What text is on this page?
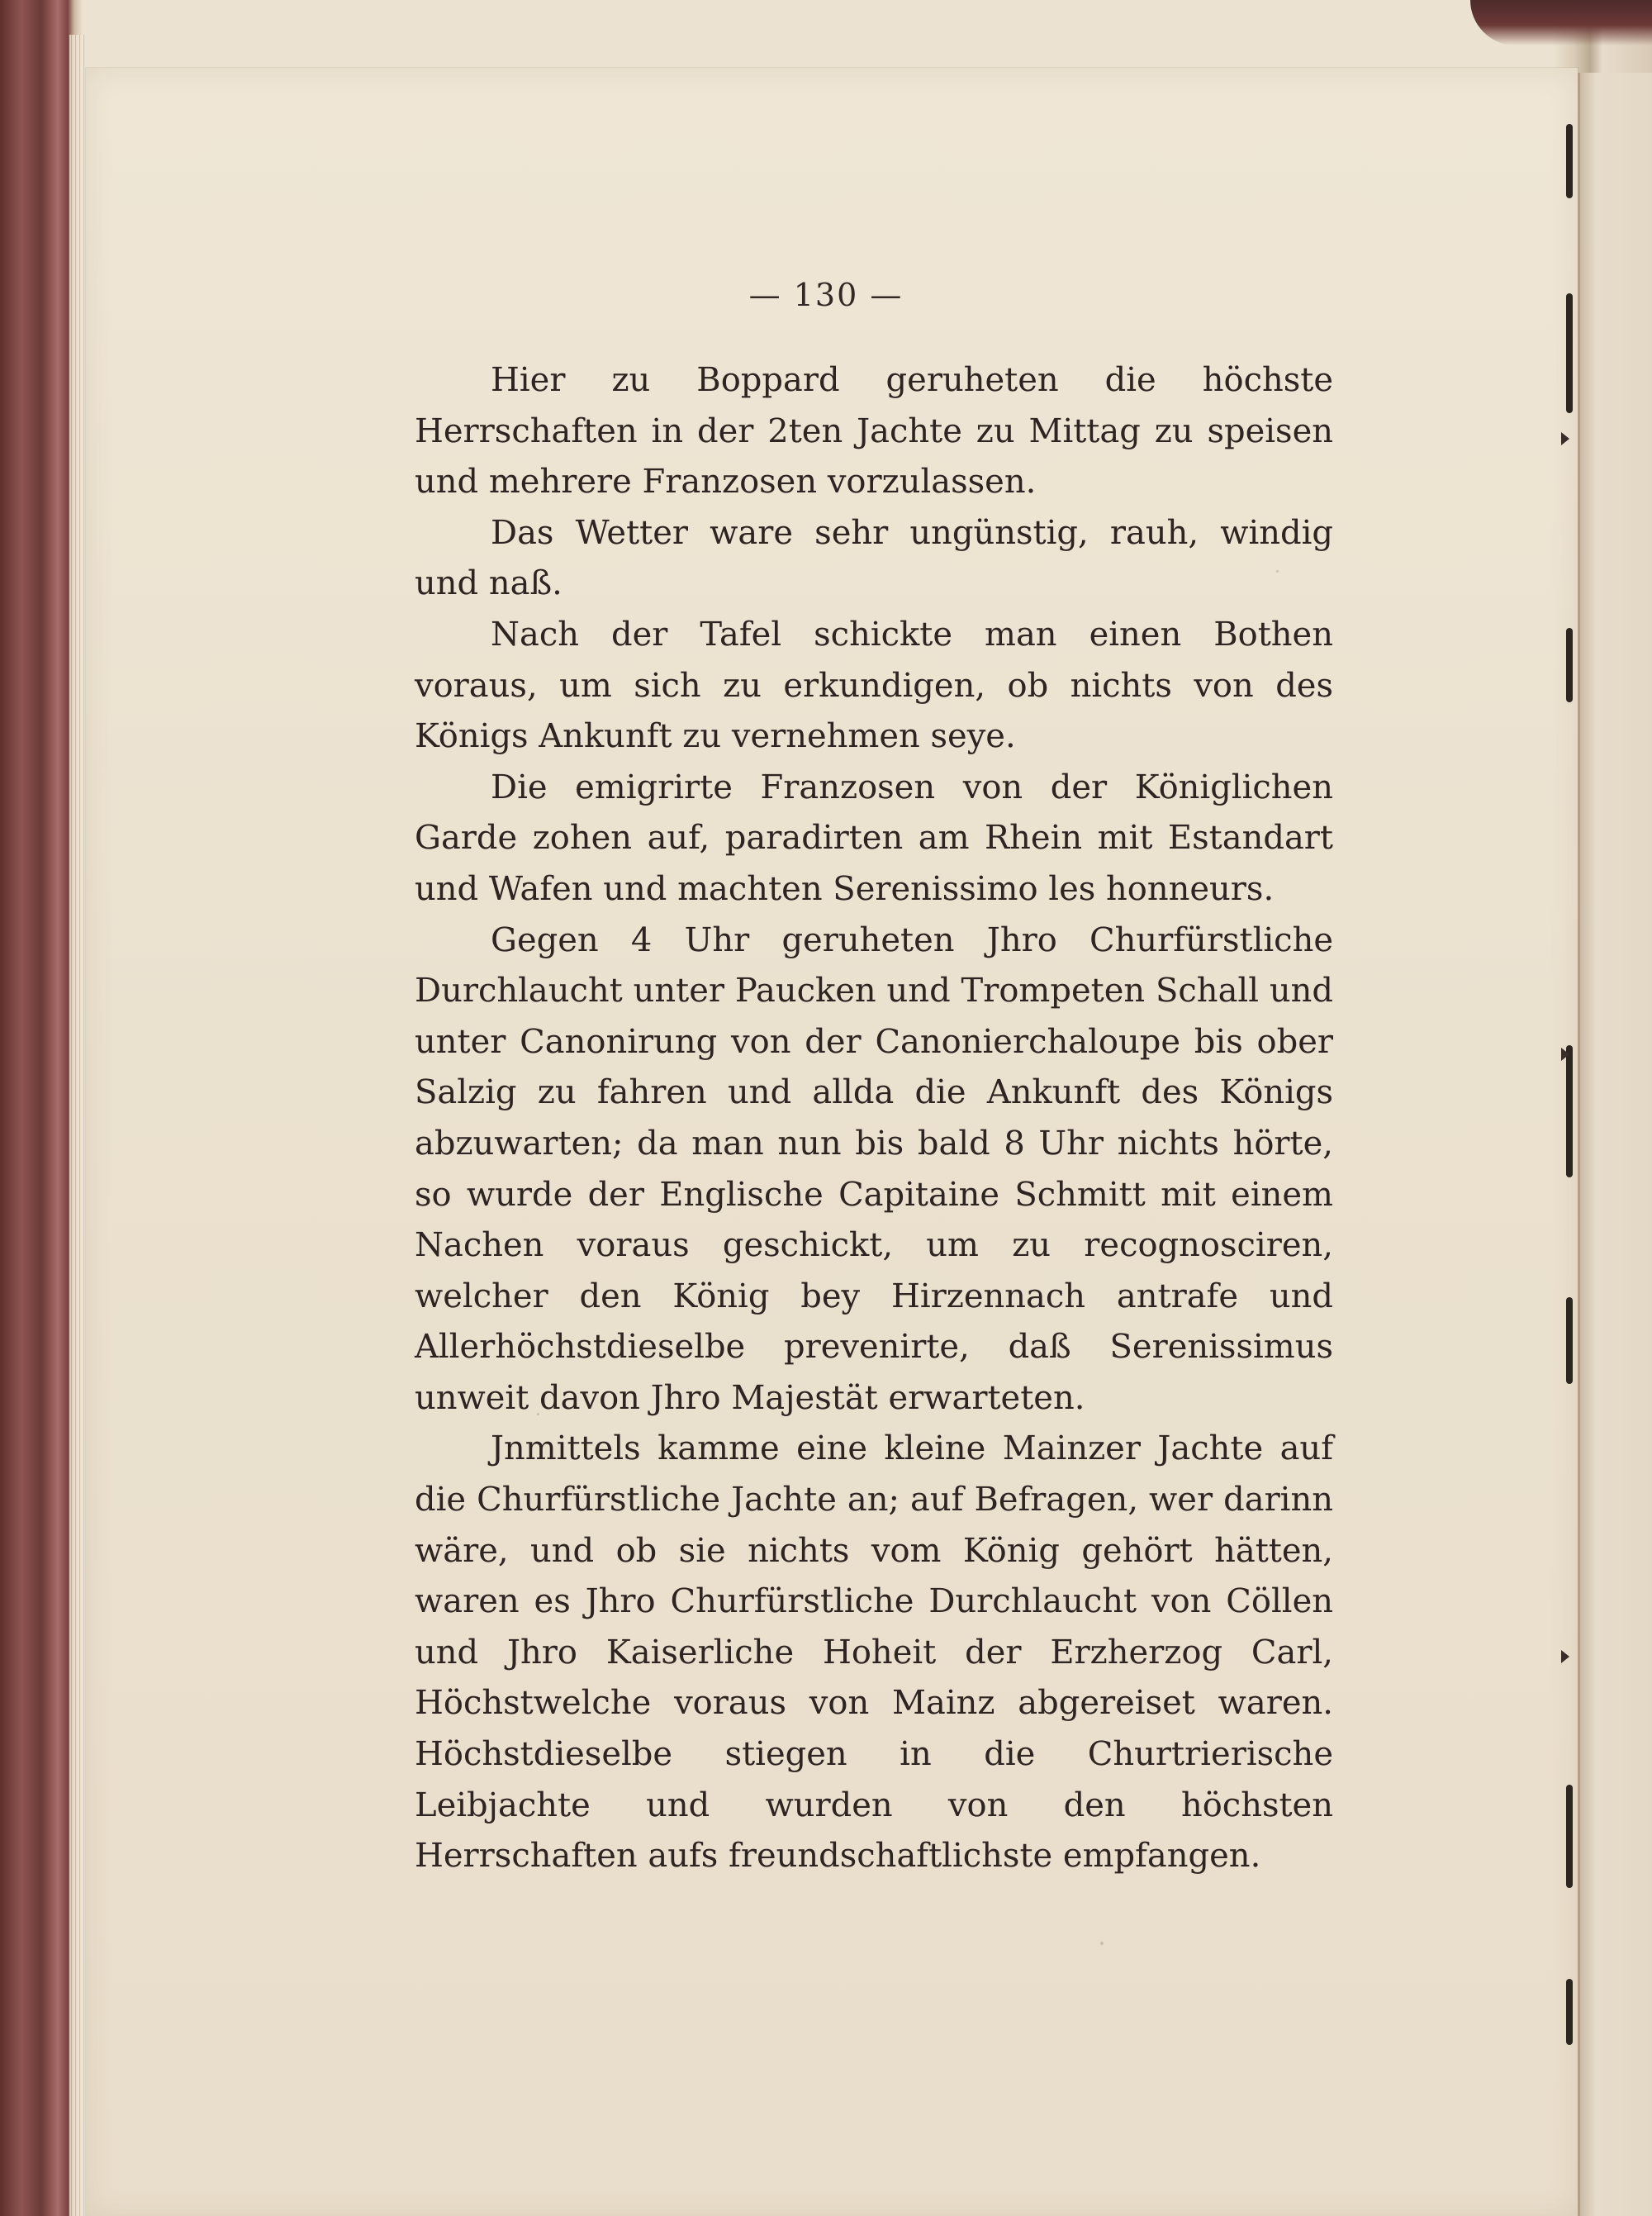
— 130 —

Hier zu Boppard geruheten die höchste Herrschaften in der 2ten Jachte zu Mittag zu speisen und mehrere Franzosen vorzulassen.

Das Wetter ware sehr ungünstig, rauh, windig und naß.

Nach der Tafel schickte man einen Bothen voraus, um sich zu erkundigen, ob nichts von des Königs Ankunft zu vernehmen seye.

Die emigrirte Franzosen von der Königlichen Garde zohen auf, paradirten am Rhein mit Estandart und Wafen und machten Serenissimo les honneurs.

Gegen 4 Uhr geruheten Jhro Churfürstliche Durchlaucht unter Paucken und Trompeten Schall und unter Canonirung von der Canonierchaloupe bis ober Salzig zu fahren und allda die Ankunft des Königs abzuwarten; da man nun bis bald 8 Uhr nichts hörte, so wurde der Englische Capitaine Schmitt mit einem Nachen voraus geschickt, um zu recognosciren, welcher den König bey Hirzennach antrafe und Allerhöchstdieselbe prevenirte, daß Serenissimus unweit davon Jhro Majestät erwarteten.

Jnmittels kamme eine kleine Mainzer Jachte auf die Churfürstliche Jachte an; auf Befragen, wer darinn wäre, und ob sie nichts vom König gehört hätten, waren es Jhro Churfürstliche Durchlaucht von Cöllen und Jhro Kaiserliche Hoheit der Erzherzog Carl, Höchstwelche voraus von Mainz abgereiset waren. Höchstdieselbe stiegen in die Churtrierische Leibjachte und wurden von den höchsten Herrschaften aufs freundschaftlichste empfangen.
